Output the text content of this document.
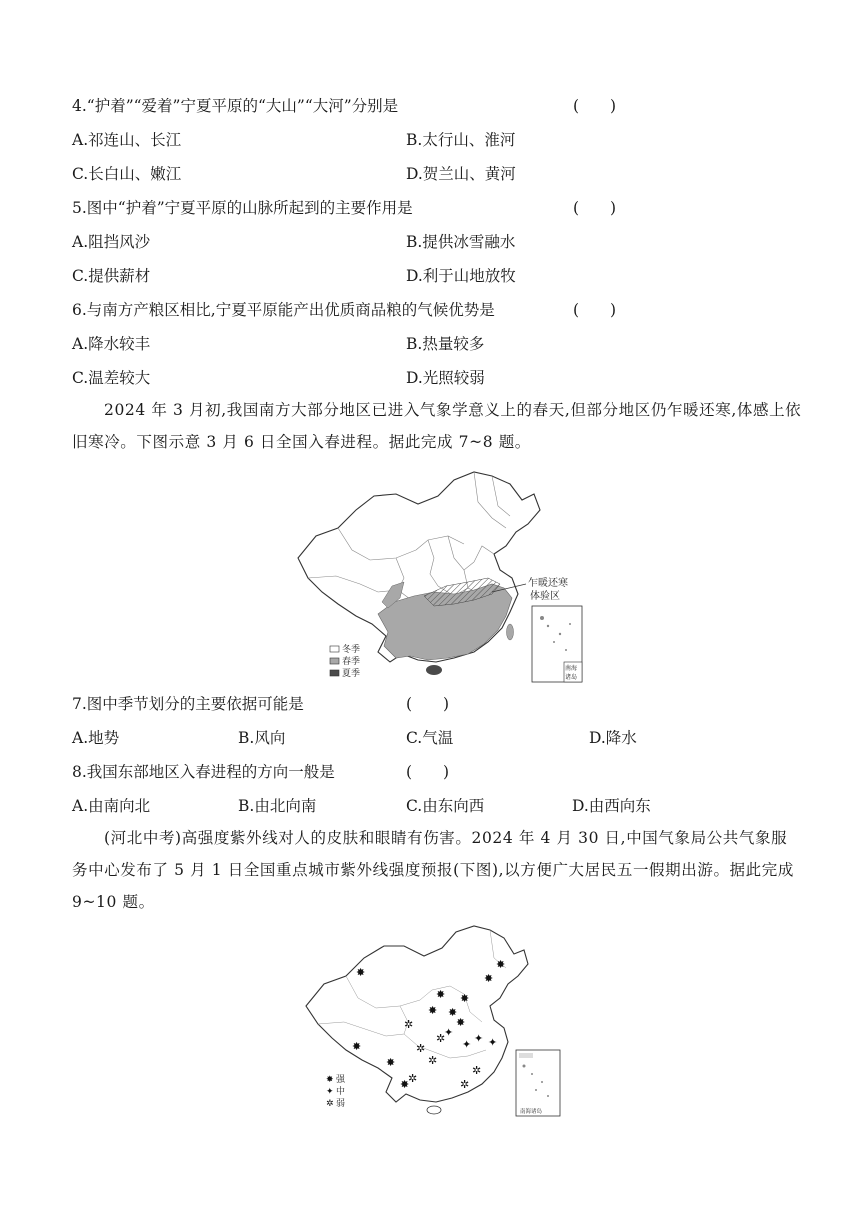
4.“护着”“爱着”宁夏平原的“大山”“大河”分别是	(　　)
A.祁连山、长江	B.太行山、淮河
C.长白山、嫩江	D.贺兰山、黄河
5.图中“护着”宁夏平原的山脉所起到的主要作用是	(　　)
A.阻挡风沙	B.提供冰雪融水
C.提供薪材	D.利于山地放牧
6.与南方产粮区相比,宁夏平原能产出优质商品粮的气候优势是	(　　)
A.降水较丰	B.热量较多
C.温差较大	D.光照较弱
2024 年 3 月初,我国南方大部分地区已进入气象学意义上的春天,但部分地区仍乍暖还寒,体感上依旧寒冷。下图示意 3 月 6 日全国入春进程。据此完成 7~8 题。
乍暖还寒
体验区
南海
诸岛
冬季
春季
夏季
7.图中季节划分的主要依据可能是	(　　)
A.地势	B.风向	C.气温	D.降水
8.我国东部地区入春进程的方向一般是	(　　)
A.由南向北	B.由北向南	C.由东向西	D.由西向东
(河北中考)高强度紫外线对人的皮肤和眼睛有伤害。2024 年 4 月 30 日,中国气象局公共气象服务中心发布了 5 月 1 日全国重点城市紫外线强度预报(下图),以方便广大居民五一假期出游。据此完成 9~10 题。
✸
✸
✸
✸ ✸
✸ ✸
✸
✸
✸
✸
✦ ✦ ✦
✦
✲
✲
✲
✲
✲	✲
✲
南海诸岛
✸ 强
✦ 中
✲ 弱
